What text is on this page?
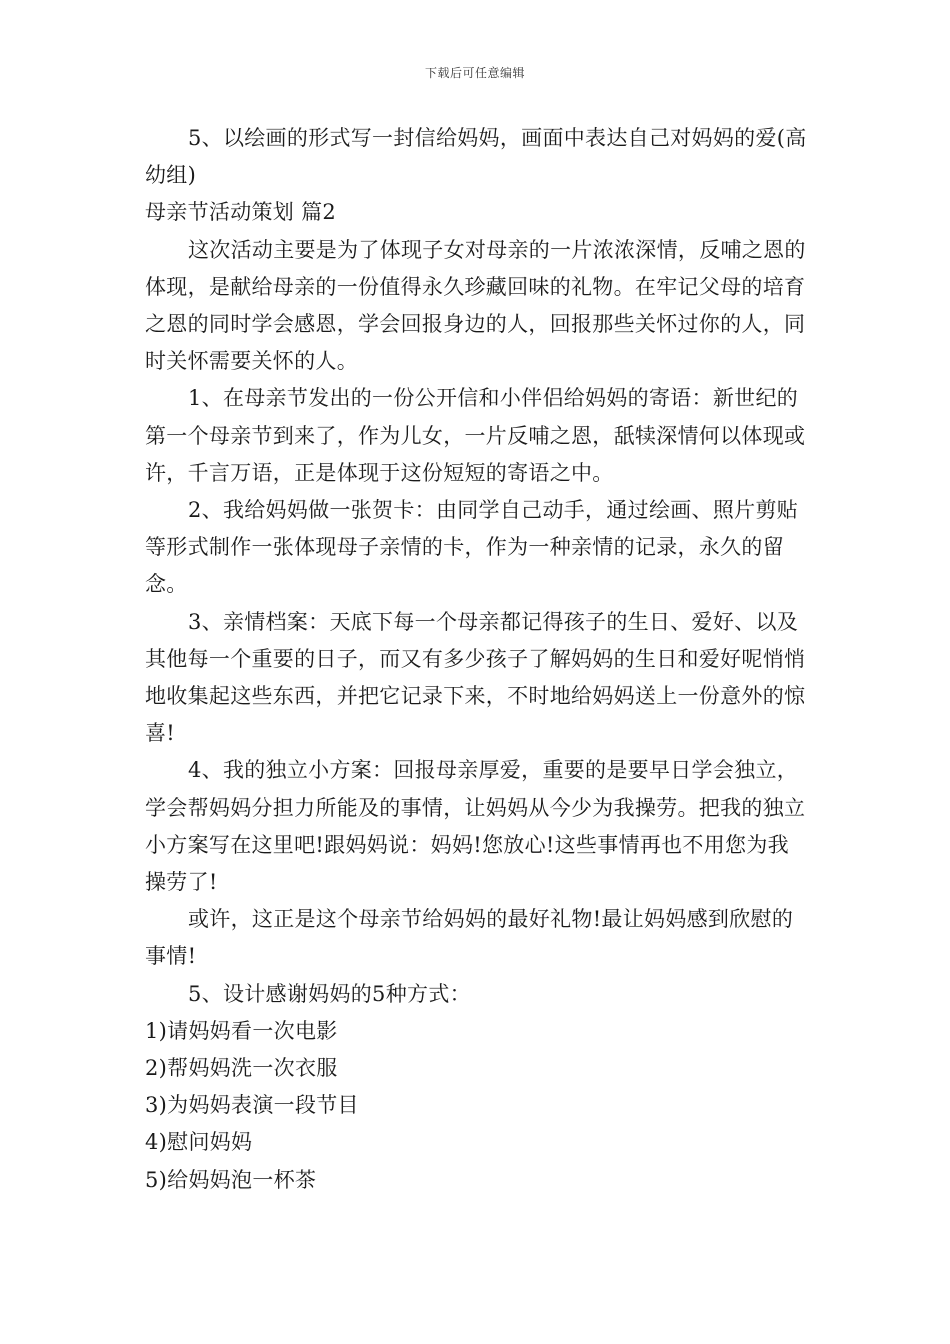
下载后可任意编辑

5、以绘画的形式写一封信给妈妈，画面中表达自己对妈妈的爱(高幼组)

母亲节活动策划 篇2

这次活动主要是为了体现子女对母亲的一片浓浓深情，反哺之恩的体现，是献给母亲的一份值得永久珍藏回味的礼物。在牢记父母的培育之恩的同时学会感恩，学会回报身边的人，回报那些关怀过你的人，同时关怀需要关怀的人。

1、在母亲节发出的一份公开信和小伴侣给妈妈的寄语：新世纪的第一个母亲节到来了，作为儿女，一片反哺之恩，舐犊深情何以体现或许，千言万语，正是体现于这份短短的寄语之中。

2、我给妈妈做一张贺卡：由同学自己动手，通过绘画、照片剪贴等形式制作一张体现母子亲情的卡，作为一种亲情的记录，永久的留念。

3、亲情档案：天底下每一个母亲都记得孩子的生日、爱好、以及其他每一个重要的日子，而又有多少孩子了解妈妈的生日和爱好呢悄悄地收集起这些东西，并把它记录下来，不时地给妈妈送上一份意外的惊喜!

4、我的独立小方案：回报母亲厚爱，重要的是要早日学会独立，学会帮妈妈分担力所能及的事情，让妈妈从今少为我操劳。把我的独立小方案写在这里吧!跟妈妈说：妈妈!您放心!这些事情再也不用您为我操劳了!

或许，这正是这个母亲节给妈妈的最好礼物!最让妈妈感到欣慰的事情!

5、设计感谢妈妈的5种方式：

1)请妈妈看一次电影

2)帮妈妈洗一次衣服

3)为妈妈表演一段节目

4)慰问妈妈

5)给妈妈泡一杯茶
